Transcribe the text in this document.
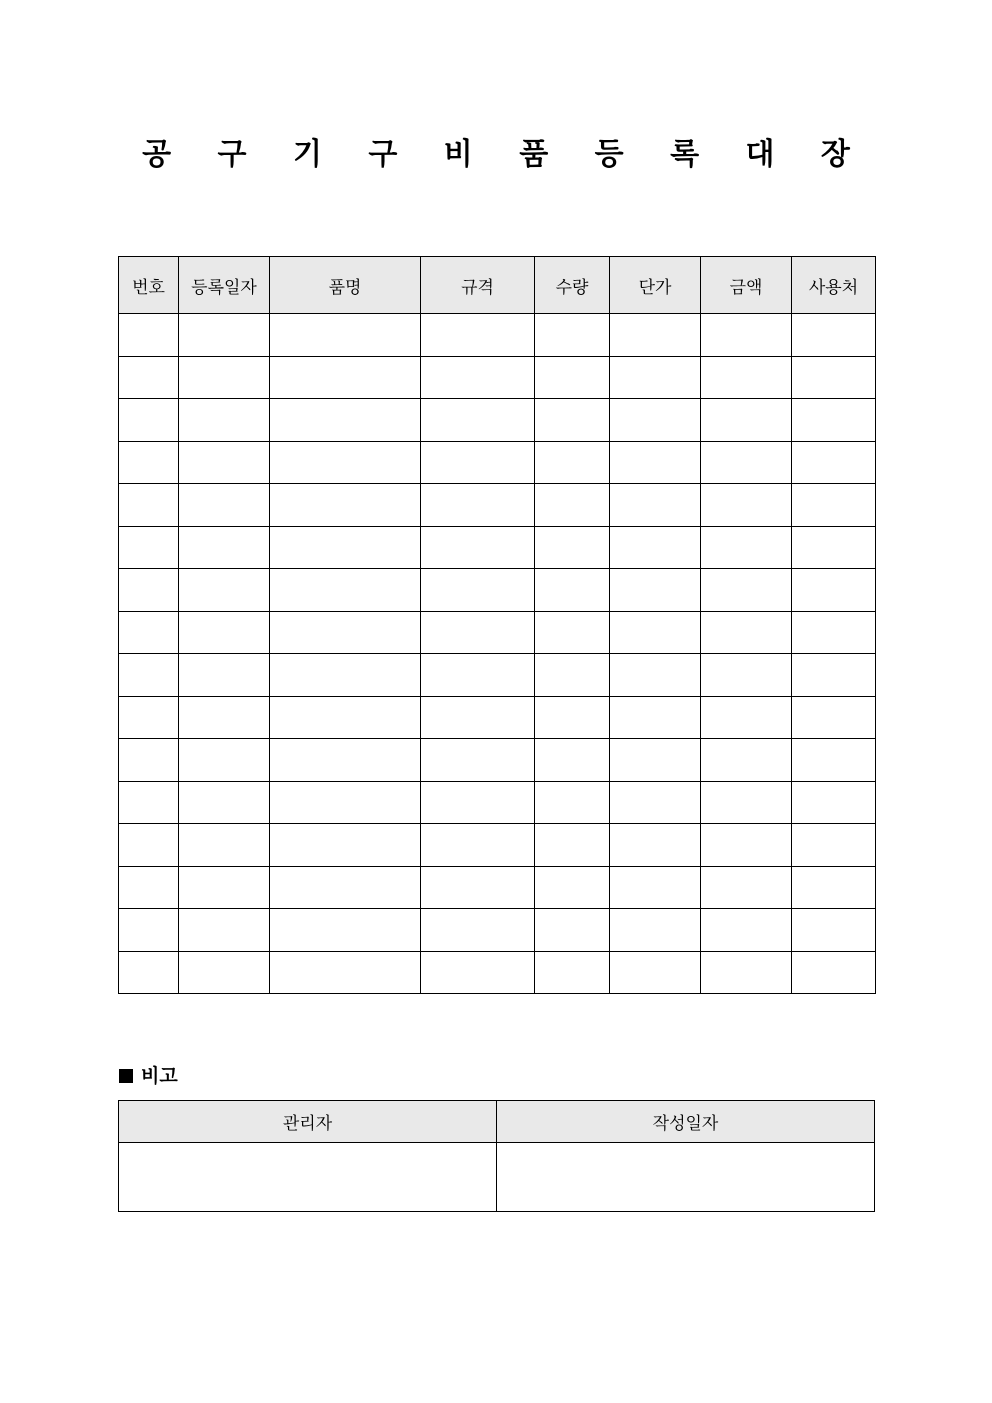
공 구 기 구 비 품 등 록 대 장
번호	등록일자	품명	규격	수량	단가	금액	사용처

비고
관리자	작성일자
